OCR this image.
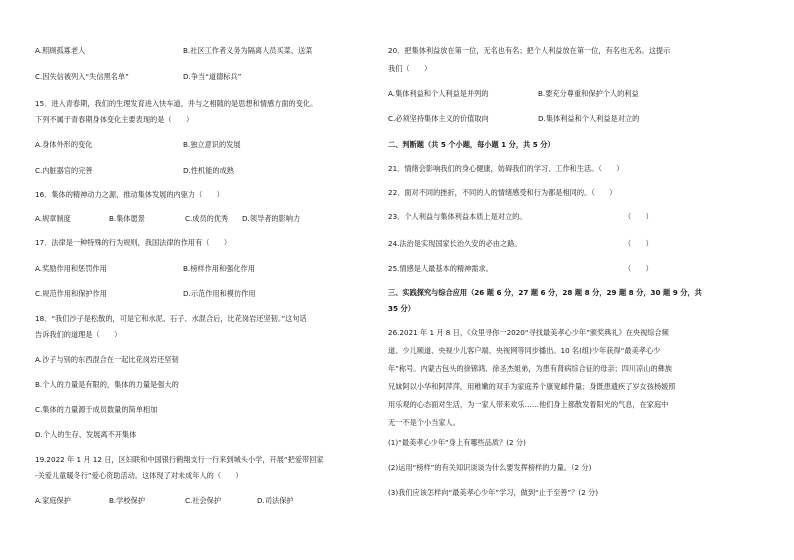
A.照顾孤寡老人	B.社区工作者义务为隔离人员买菜、送菜
C.因失信被列入“失信黑名单”	D.争当“道德标兵”
15．进入青春期，我们的生理发育进入快车道，并与之相随的是思想和情感方面的变化。
下列不属于青春期身体变化主要表现的是（　　）
A.身体外形的变化	B.独立意识的发展
C.内脏器官的完善	D.性机能的成熟
16．集体的精神动力之源，推动集体发展的内驱力（　　）
A.规章制度	B.集体愿景	C.成员的优秀 D.领导者的影响力
17．法律是一种特殊的行为规则，我国法律的作用有（　　）
A.奖励作用和惩罚作用	B.榜样作用和强化作用
C.规范作用和保护作用	D.示范作用和模仿作用
18．“我们沙子是松散的，可是它和水泥、石子、水混合后，比花岗岩还坚韧。”这句话
告诉我们的道理是（　　）
A.沙子与别的东西混合在一起比花岗岩还坚韧
B.个人的力量是有限的，集体的力量是强大的
C.集体的力量源于成员数量的简单相加
D.个人的生存、发展离不开集体
19.2022 年 1 月 12 日，区妇联和中国银行鹤翔支行一行来到城头小学，开展“把爱带回家
-关爱儿童暖冬行”爱心资助活动。这体现了对未成年人的（　　）
A.家庭保护	B.学校保护	C.社会保护	D.司法保护
20．把集体利益放在第一位，无名也有名；把个人利益放在第一位，有名也无名。这提示
我们（　　）
A.集体利益和个人利益是并列的	B.要充分尊重和保护个人的利益
C.必须坚持集体主义的价值取向	D.集体利益和个人利益是对立的
二、判断题（共 5 个小题，每小题 1 分，共 5 分）
21．情绪会影响我们的身心健康，妨碍我们的学习、工作和生活。（　　）
22．面对不同的挫折，不同的人的情绪感受和行为都是相同的。（　　）
23．个人利益与集体利益本质上是对立的。	（　　）
24.法治是实现国家长治久安的必由之路。	（　　）
25.情感是人最基本的精神需求。	（　　）
三、实践探究与综合应用（26 题 6 分，27 题 6 分，28 题 8 分，29 题 8 分，30 题 9 分，共
35 分）
26.2021 年 1 月 8 日，《众里寻你一2020“寻找最美孝心少年”颁奖典礼》在央视综合频
道、少儿频道、央视少儿客户端、央视网等同步播出。10 名(组)少年获得“最美孝心少
年”称号。内蒙古包头的徐锦鸿、徐圣杰姐弟，为患有肾病综合征的母亲；四川凉山的彝族
兄妹阿以小华和阿萍萍，用稚嫩的双手为家庭养个康宽邮件量；身既患遗疾了岁女孩杨媛照
用乐观的心态面对生活，为一家人带来欢乐……他们身上都散发着阳光的气息，在家庭中
无一不是个小当家人。
(1)“最美孝心少年”身上有哪些品质？(2 分)
(2)运用“榜样”的有关知识谈谈为什么要发挥榜样的力量。（2 分)
(3)我们应该怎样向“最美孝心少年”学习，做到“止于至善”？(2 分)
